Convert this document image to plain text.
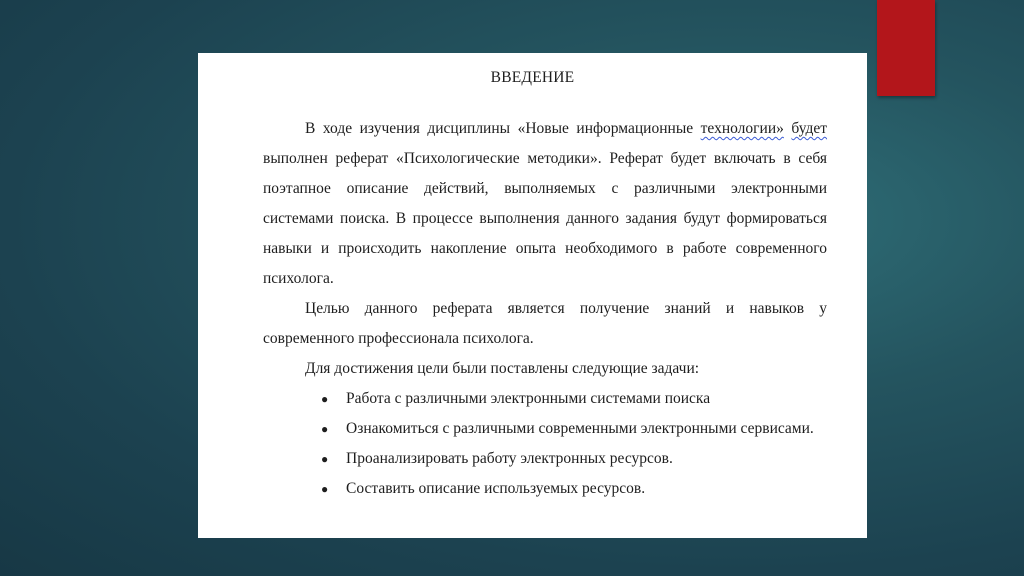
ВВЕДЕНИЕ

В ходе изучения дисциплины «Новые информационные технологии» будет выполнен реферат «Психологические методики». Реферат будет включать в себя поэтапное описание действий, выполняемых с различными электронными системами поиска. В процессе выполнения данного задания будут формироваться навыки и происходить накопление опыта необходимого в работе современного психолога.

Целью данного реферата является получение знаний и навыков у современного профессионала психолога.

Для достижения цели были поставлены следующие задачи:

● Работа с различными электронными системами поиска
● Ознакомиться с различными современными электронными сервисами.
● Проанализировать работу электронных ресурсов.
● Составить описание используемых ресурсов.
